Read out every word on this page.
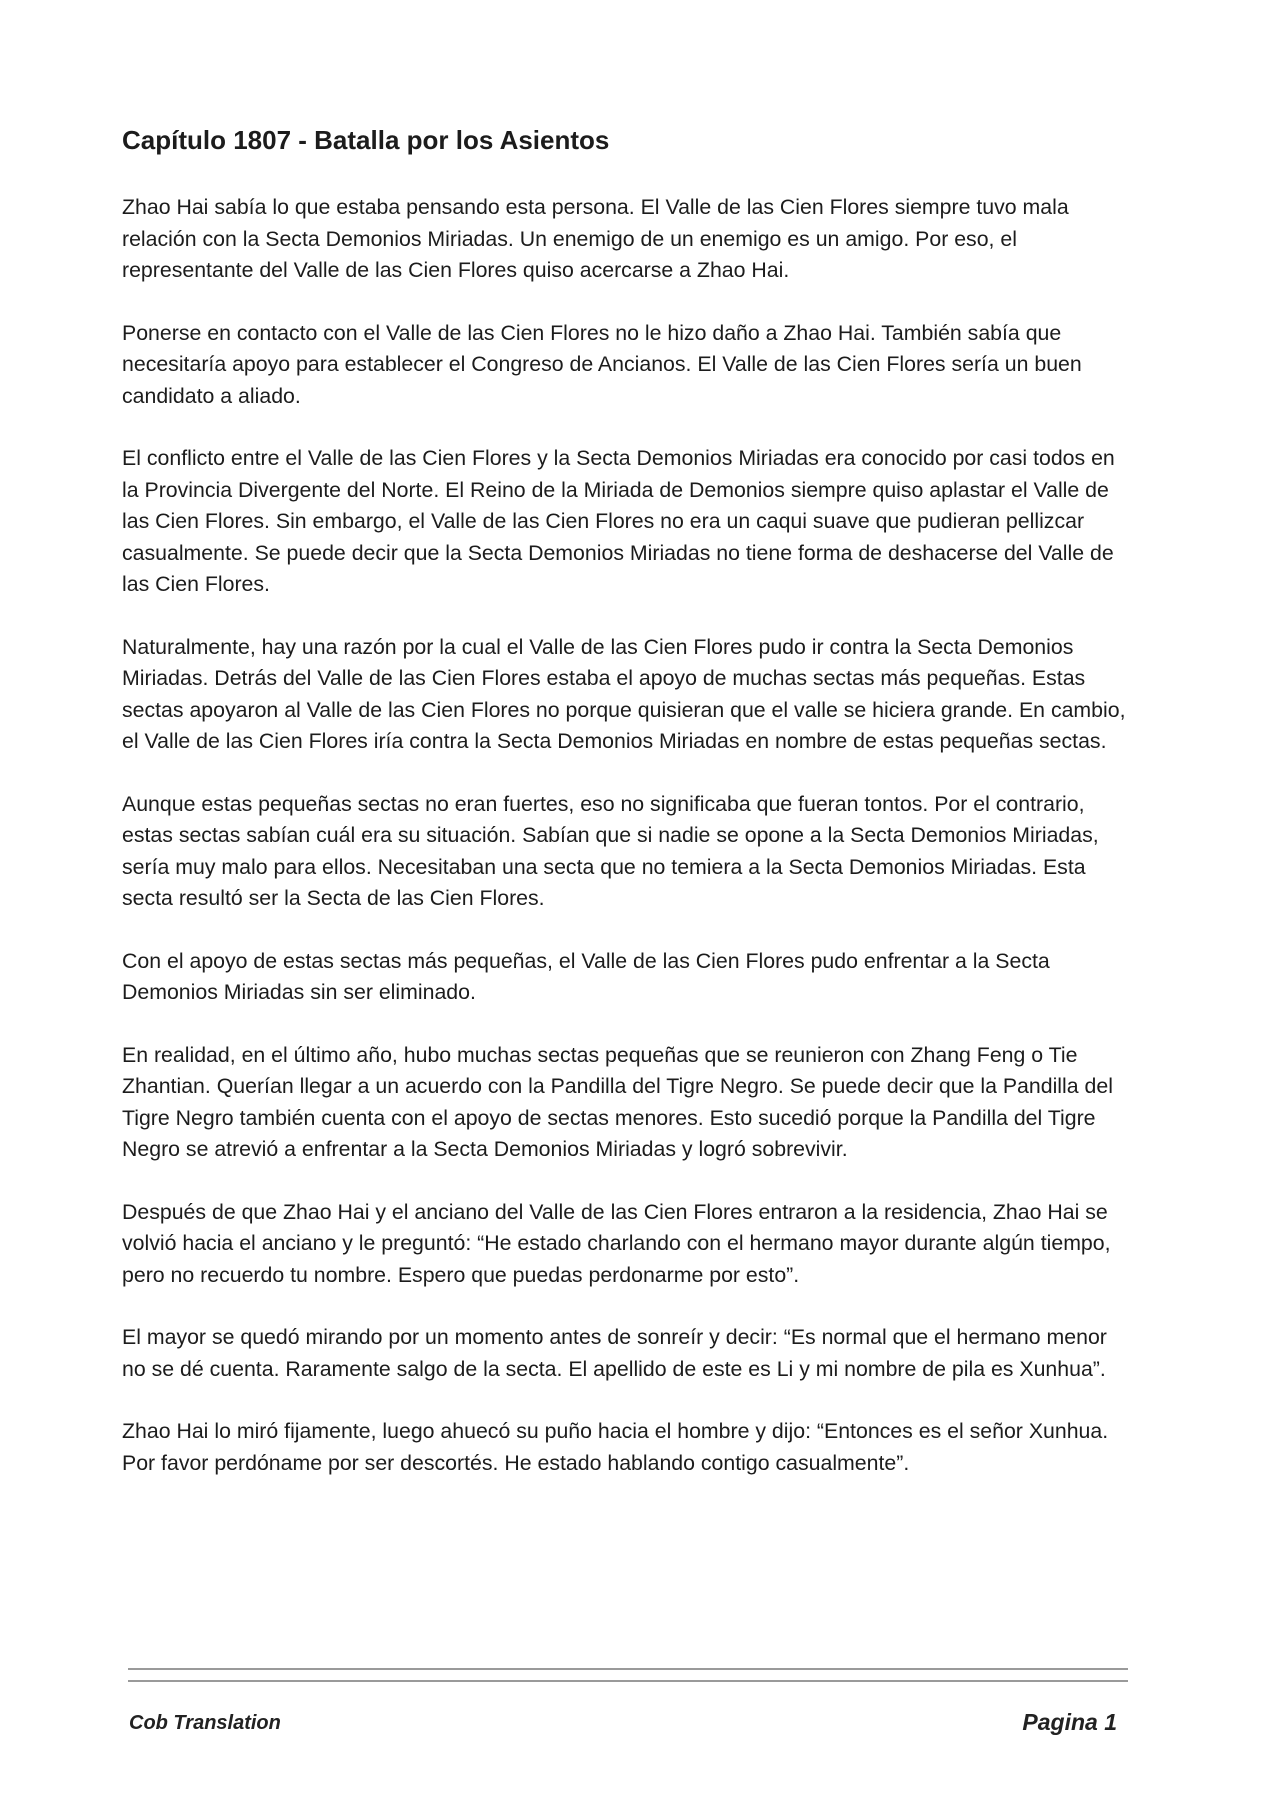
Capítulo 1807 - Batalla por los Asientos

Zhao Hai sabía lo que estaba pensando esta persona. El Valle de las Cien Flores siempre tuvo mala relación con la Secta Demonios Miriadas. Un enemigo de un enemigo es un amigo. Por eso, el representante del Valle de las Cien Flores quiso acercarse a Zhao Hai.

Ponerse en contacto con el Valle de las Cien Flores no le hizo daño a Zhao Hai. También sabía que necesitaría apoyo para establecer el Congreso de Ancianos. El Valle de las Cien Flores sería un buen candidato a aliado.

El conflicto entre el Valle de las Cien Flores y la Secta Demonios Miriadas era conocido por casi todos en la Provincia Divergente del Norte. El Reino de la Miriada de Demonios siempre quiso aplastar el Valle de las Cien Flores. Sin embargo, el Valle de las Cien Flores no era un caqui suave que pudieran pellizcar casualmente. Se puede decir que la Secta Demonios Miriadas no tiene forma de deshacerse del Valle de las Cien Flores.

Naturalmente, hay una razón por la cual el Valle de las Cien Flores pudo ir contra la Secta Demonios Miriadas. Detrás del Valle de las Cien Flores estaba el apoyo de muchas sectas más pequeñas. Estas sectas apoyaron al Valle de las Cien Flores no porque quisieran que el valle se hiciera grande. En cambio, el Valle de las Cien Flores iría contra la Secta Demonios Miriadas en nombre de estas pequeñas sectas.

Aunque estas pequeñas sectas no eran fuertes, eso no significaba que fueran tontos. Por el contrario, estas sectas sabían cuál era su situación. Sabían que si nadie se opone a la Secta Demonios Miriadas, sería muy malo para ellos. Necesitaban una secta que no temiera a la Secta Demonios Miriadas. Esta secta resultó ser la Secta de las Cien Flores.

Con el apoyo de estas sectas más pequeñas, el Valle de las Cien Flores pudo enfrentar a la Secta Demonios Miriadas sin ser eliminado.

En realidad, en el último año, hubo muchas sectas pequeñas que se reunieron con Zhang Feng o Tie Zhantian. Querían llegar a un acuerdo con la Pandilla del Tigre Negro. Se puede decir que la Pandilla del Tigre Negro también cuenta con el apoyo de sectas menores. Esto sucedió porque la Pandilla del Tigre Negro se atrevió a enfrentar a la Secta Demonios Miriadas y logró sobrevivir.

Después de que Zhao Hai y el anciano del Valle de las Cien Flores entraron a la residencia, Zhao Hai se volvió hacia el anciano y le preguntó: “He estado charlando con el hermano mayor durante algún tiempo, pero no recuerdo tu nombre. Espero que puedas perdonarme por esto”.

El mayor se quedó mirando por un momento antes de sonreír y decir: “Es normal que el hermano menor no se dé cuenta. Raramente salgo de la secta. El apellido de este es Li y mi nombre de pila es Xunhua”.

Zhao Hai lo miró fijamente, luego ahuecó su puño hacia el hombre y dijo: “Entonces es el señor Xunhua. Por favor perdóname por ser descortés. He estado hablando contigo casualmente”.

Cob Translation	Pagina 1
